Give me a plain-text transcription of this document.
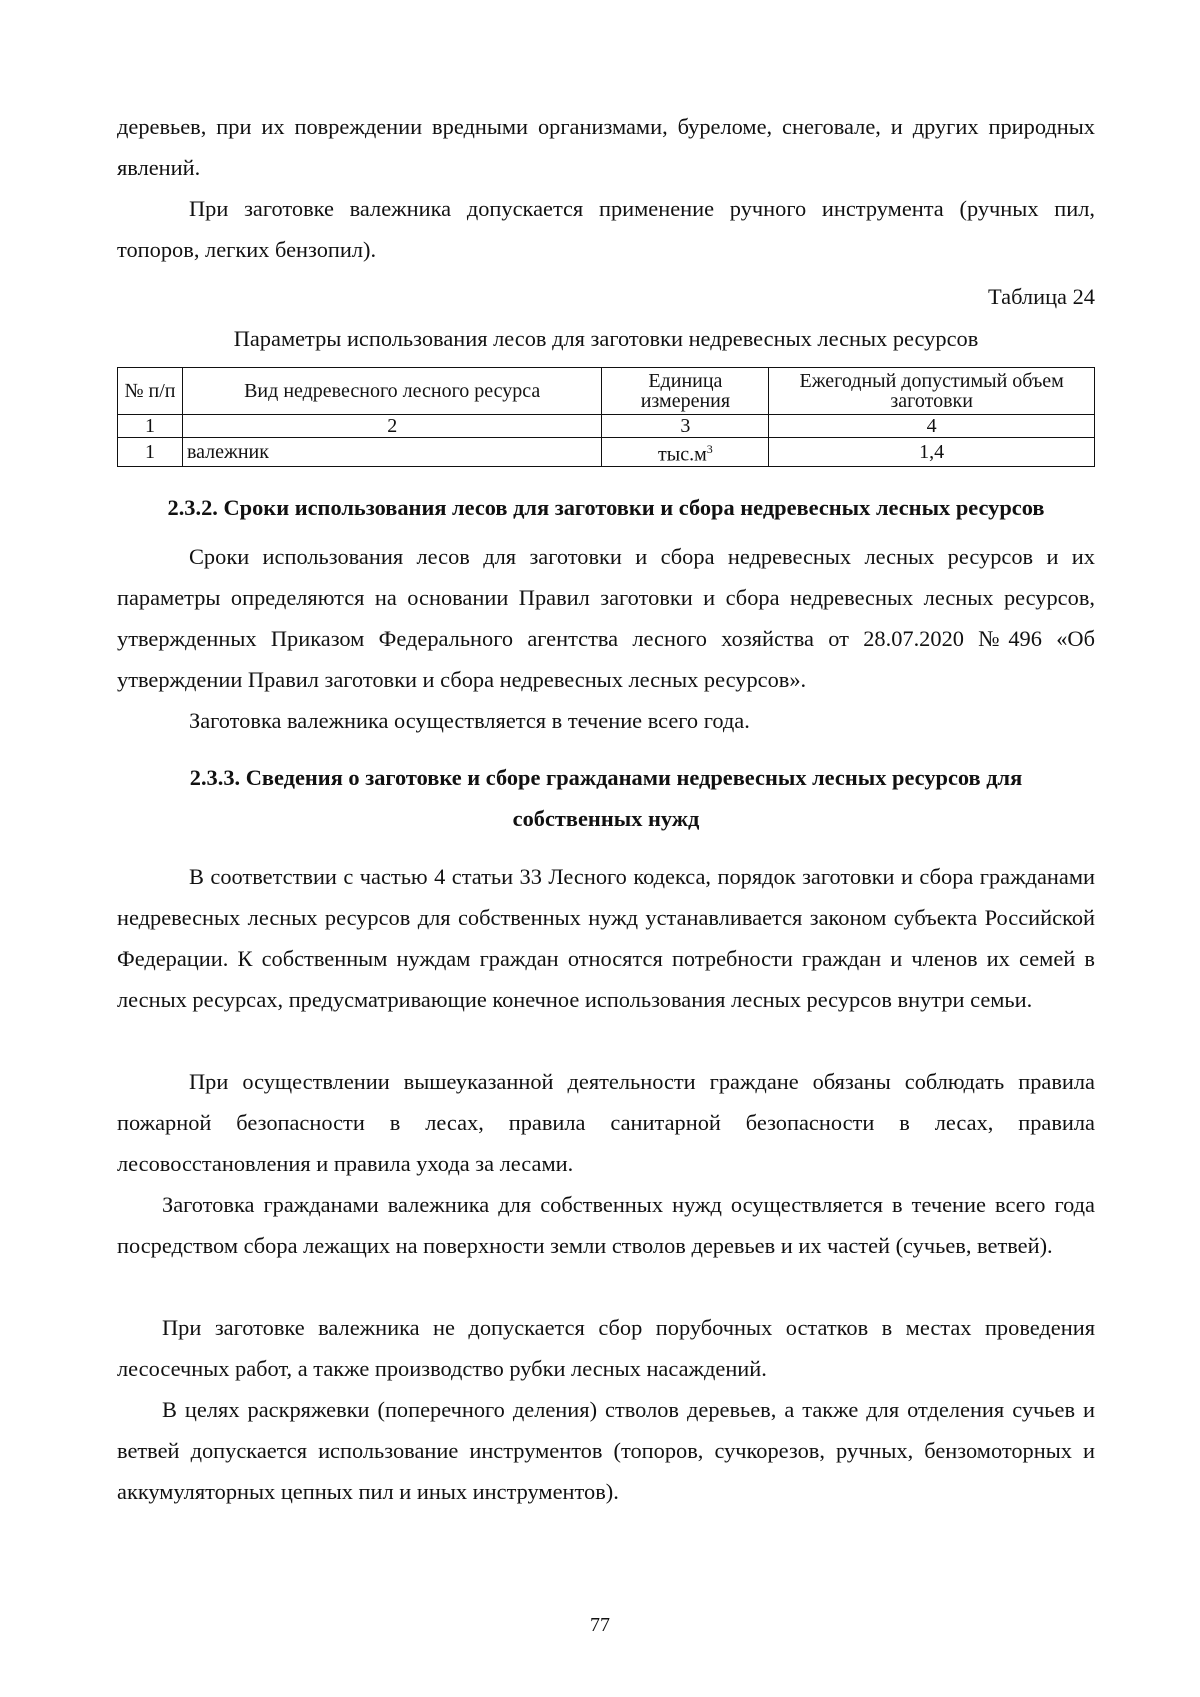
деревьев, при их повреждении вредными организмами, буреломе, снеговале, и других природных явлений.

При заготовке валежника допускается применение ручного инструмента (ручных пил, топоров, легких бензопил).

Таблица 24
Параметры использования лесов для заготовки недревесных лесных ресурсов
№ п/п	Вид недревесного лесного ресурса	Единица измерения	Ежегодный допустимый объем заготовки
1	2	3	4
1	валежник	$тыс.м^3$	1,4
2.3.2. Сроки использования лесов для заготовки и сбора недревесных лесных ресурсов

Сроки использования лесов для заготовки и сбора недревесных лесных ресурсов и их параметры определяются на основании Правил заготовки и сбора недревесных лесных ресурсов, утвержденных Приказом Федерального агентства лесного хозяйства от 28.07.2020 №496 «Об утверждении Правил заготовки и сбора недревесных лесных ресурсов».

Заготовка валежника осуществляется в течение всего года.

2.3.3. Сведения о заготовке и сборе гражданами недревесных лесных ресурсов для
собственных нужд

В соответствии с частью 4 статьи 33 Лесного кодекса, порядок заготовки и сбора гражданами недревесных лесных ресурсов для собственных нужд устанавливается законом субъекта Российской Федерации. К собственным нуждам граждан относятся потребности граждан и членов их семей в лесных ресурсах, предусматривающие конечное использования лесных ресурсов внутри семьи.

При осуществлении вышеуказанной деятельности граждане обязаны соблюдать правила пожарной безопасности в лесах, правила санитарной безопасности в лесах, правила лесовосстановления и правила ухода за лесами.

Заготовка гражданами валежника для собственных нужд осуществляется в течение всего года посредством сбора лежащих на поверхности земли стволов деревьев и их частей (сучьев, ветвей).

При заготовке валежника не допускается сбор порубочных остатков в местах проведения лесосечных работ, а также производство рубки лесных насаждений.

В целях раскряжевки (поперечного деления) стволов деревьев, а также для отделения сучьев и ветвей допускается использование инструментов (топоров, сучкорезов, ручных, бензомоторных и аккумуляторных цепных пил и иных инструментов).

77
